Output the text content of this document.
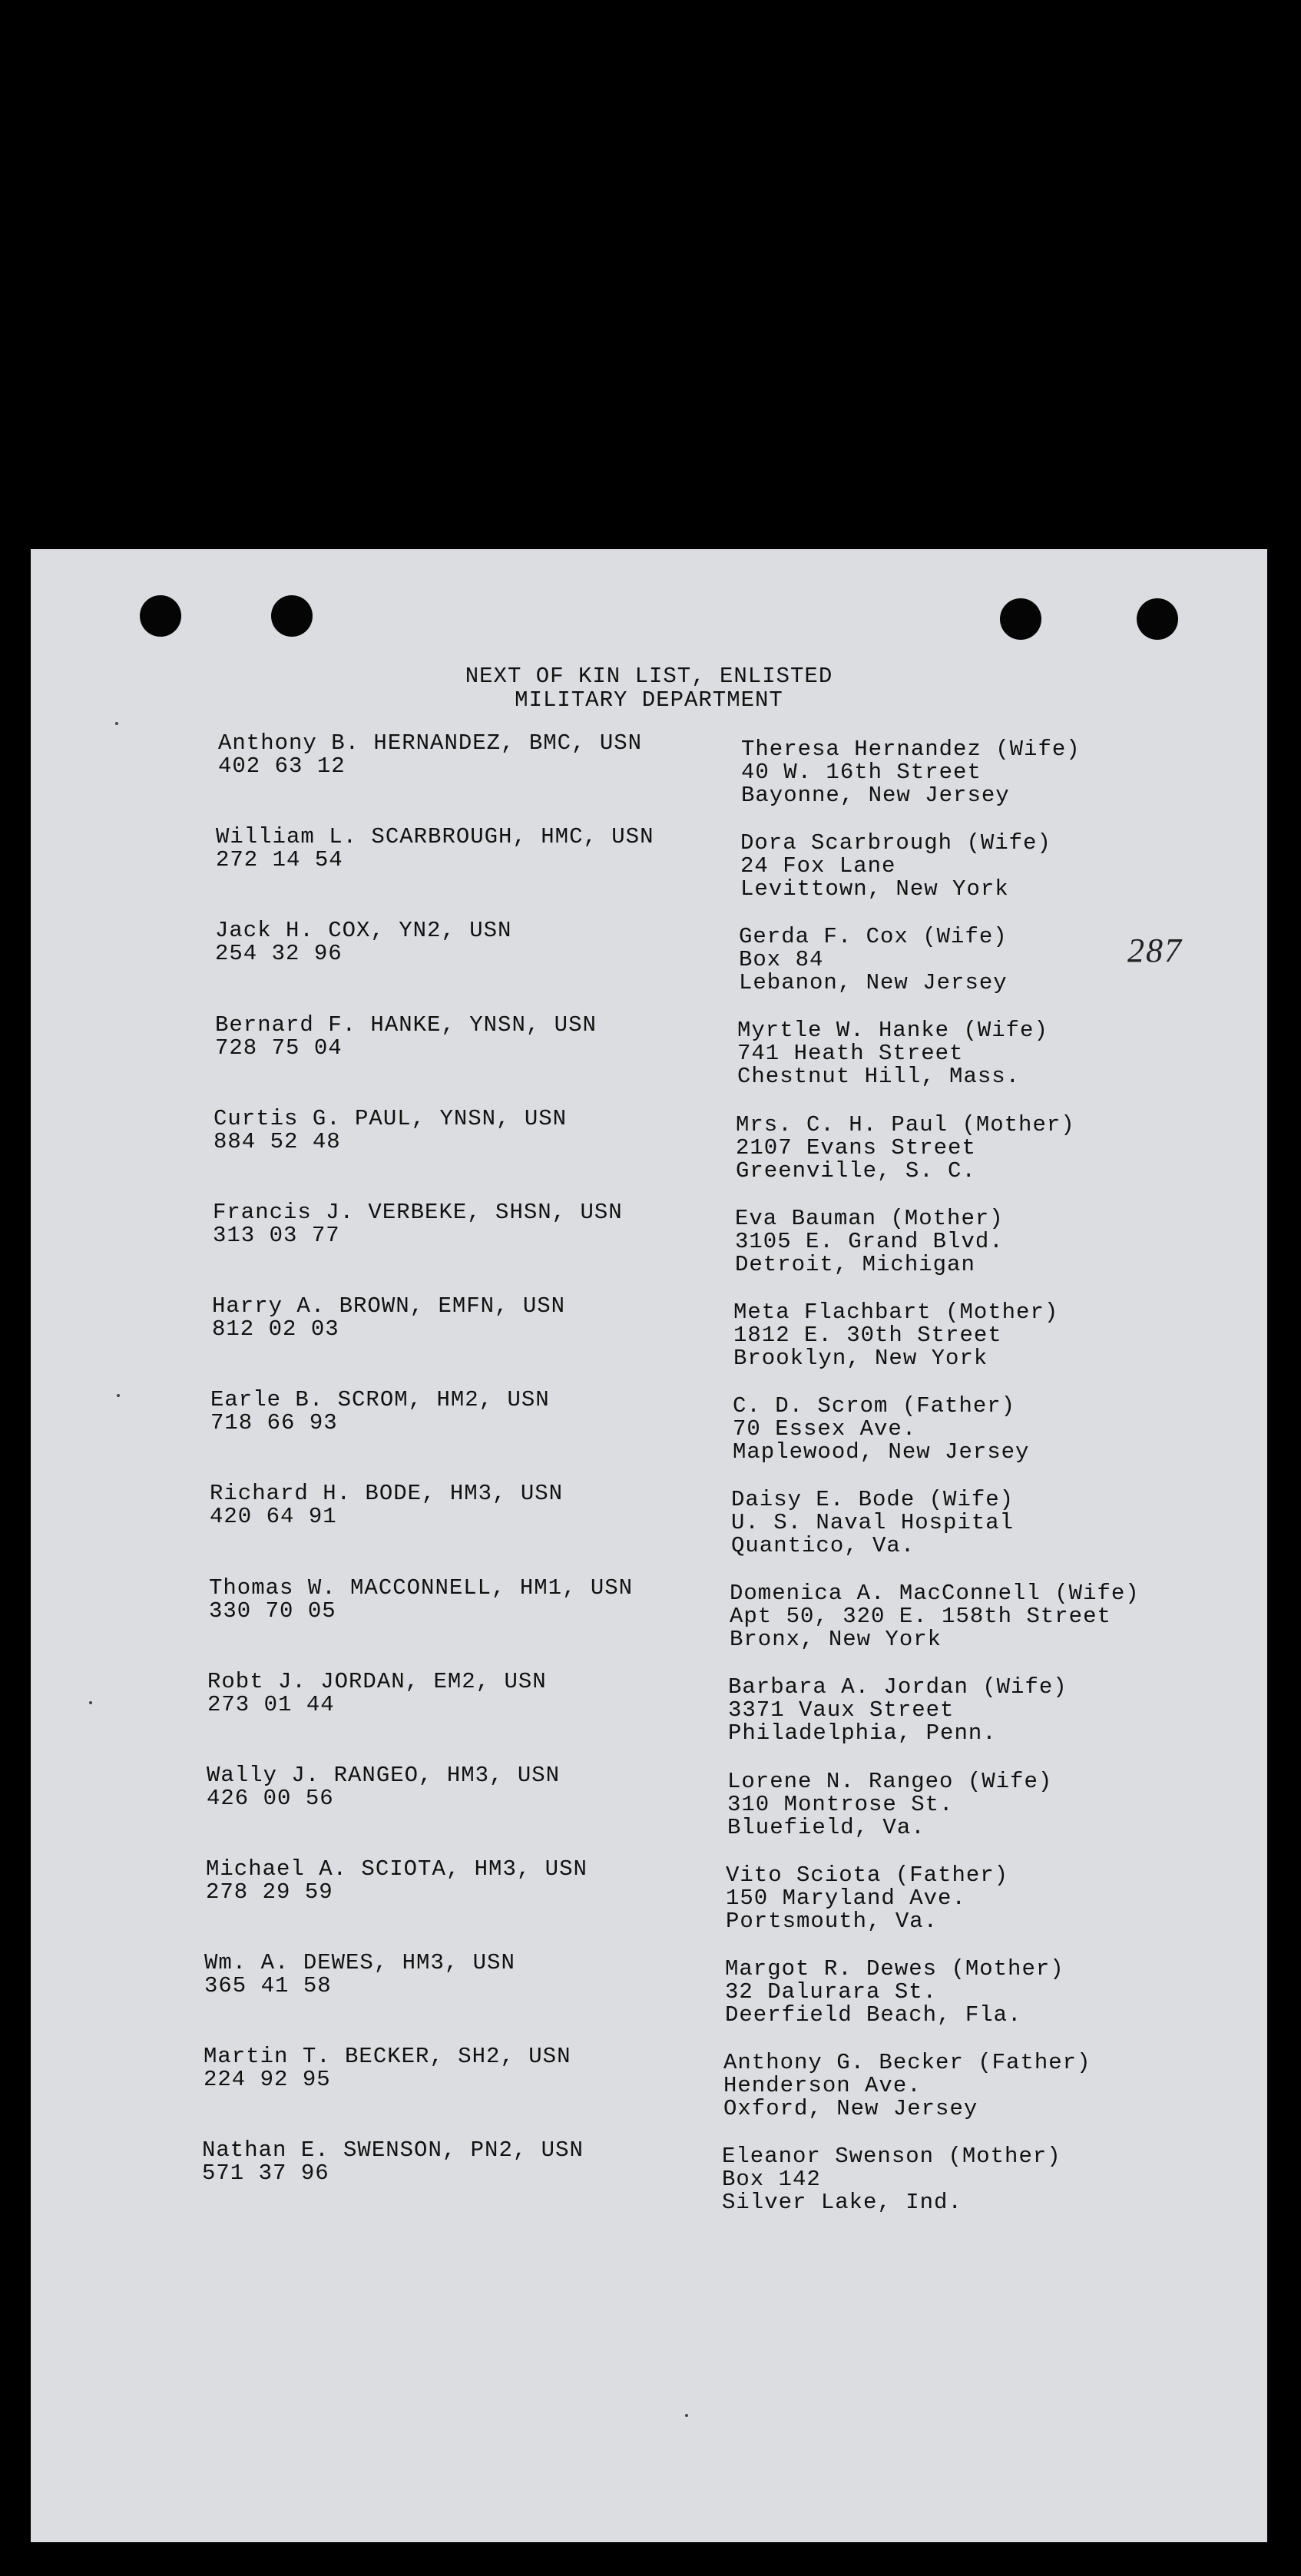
NEXT OF KIN LIST, ENLISTED
MILITARY DEPARTMENT
287
Anthony B. HERNANDEZ, BMC, USN
402 63 12
William L. SCARBROUGH, HMC, USN
272 14 54
Jack H. COX, YN2, USN
254 32 96
Bernard F. HANKE, YNSN, USN
728 75 04
Curtis G. PAUL, YNSN, USN
884 52 48
Francis J. VERBEKE, SHSN, USN
313 03 77
Harry A. BROWN, EMFN, USN
812 02 03
Earle B. SCROM, HM2, USN
718 66 93
Richard H. BODE, HM3, USN
420 64 91
Thomas W. MACCONNELL, HM1, USN
330 70 05
Robt J. JORDAN, EM2, USN
273 01 44
Wally J. RANGEO, HM3, USN
426 00 56
Michael A. SCIOTA, HM3, USN
278 29 59
Wm. A. DEWES, HM3, USN
365 41 58
Martin T. BECKER, SH2, USN
224 92 95
Nathan E. SWENSON, PN2, USN
571 37 96
Theresa Hernandez (Wife)
40 W. 16th Street
Bayonne, New Jersey
Dora Scarbrough (Wife)
24 Fox Lane
Levittown, New York
Gerda F. Cox (Wife)
Box 84
Lebanon, New Jersey
Myrtle W. Hanke (Wife)
741 Heath Street
Chestnut Hill, Mass.
Mrs. C. H. Paul (Mother)
2107 Evans Street
Greenville, S. C.
Eva Bauman (Mother)
3105 E. Grand Blvd.
Detroit, Michigan
Meta Flachbart (Mother)
1812 E. 30th Street
Brooklyn, New York
C. D. Scrom (Father)
70 Essex Ave.
Maplewood, New Jersey
Daisy E. Bode (Wife)
U. S. Naval Hospital
Quantico, Va.
Domenica A. MacConnell (Wife)
Apt 50, 320 E. 158th Street
Bronx, New York
Barbara A. Jordan (Wife)
3371 Vaux Street
Philadelphia, Penn.
Lorene N. Rangeo (Wife)
310 Montrose St.
Bluefield, Va.
Vito Sciota (Father)
150 Maryland Ave.
Portsmouth, Va.
Margot R. Dewes (Mother)
32 Dalurara St.
Deerfield Beach, Fla.
Anthony G. Becker (Father)
Henderson Ave.
Oxford, New Jersey
Eleanor Swenson (Mother)
Box 142
Silver Lake, Ind.
